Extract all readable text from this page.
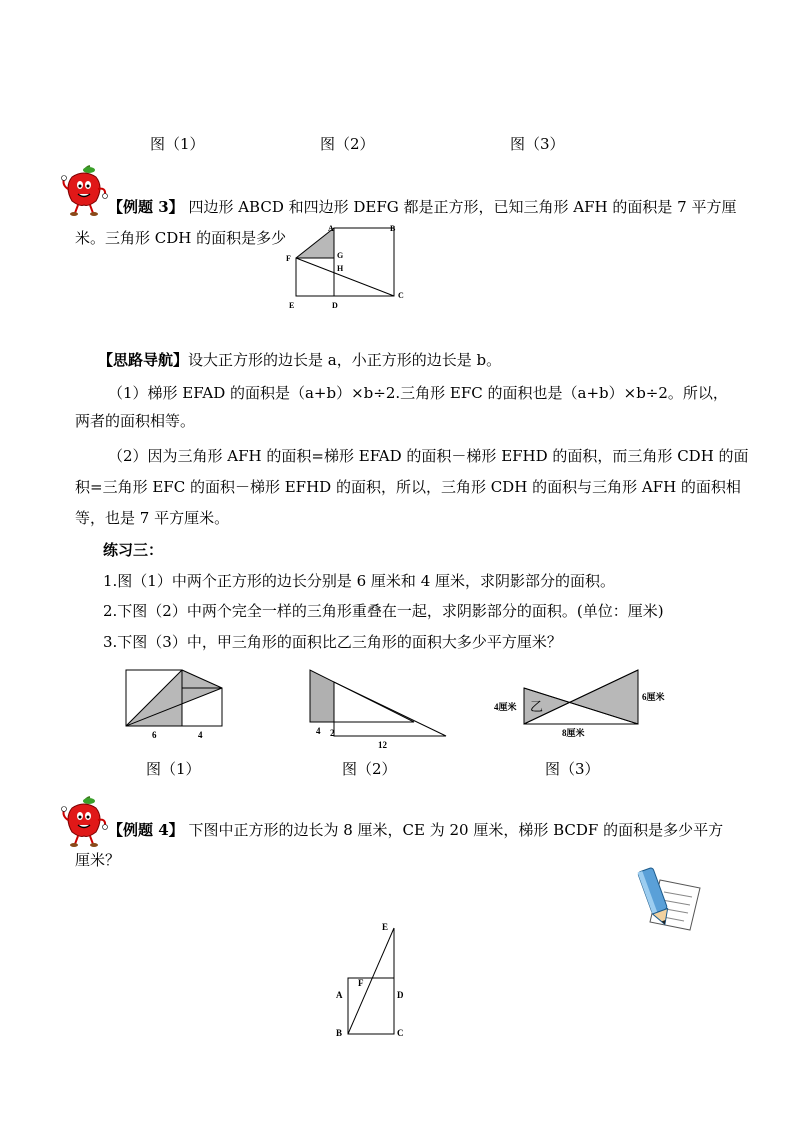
图（1）	图（2）	图（3）
【例题 3】 四边形 ABCD 和四边形 DEFG 都是正方形，已知三角形 AFH 的面积是 7 平方厘
米。三角形 CDH 的面积是多少
A	B
C
D
E
F	G
H
【思路导航】设大正方形的边长是 a，小正方形的边长是 b。
（1）梯形 EFAD 的面积是（a+b）×b÷2.三角形 EFC 的面积也是（a+b）×b÷2。所以，
两者的面积相等。
（2）因为三角形 AFH 的面积=梯形 EFAD 的面积－梯形 EFHD 的面积，而三角形 CDH 的面
积=三角形 EFC 的面积－梯形 EFHD 的面积，所以，三角形 CDH 的面积与三角形 AFH 的面积相
等，也是 7 平方厘米。
练习三：
1.图（1）中两个正方形的边长分别是 6 厘米和 4 厘米，求阴影部分的面积。
2.下图（2）中两个完全一样的三角形重叠在一起，求阴影部分的面积。(单位：厘米)
3.下图（3）中，甲三角形的面积比乙三角形的面积大多少平方厘米？
6	4	4 2
12
4厘米
6厘米
8厘米
乙
图（1）	图（2）	图（3）
【例题 4】 下图中正方形的边长为 8 厘米，CE 为 20 厘米，梯形 BCDF 的面积是多少平方
厘米？
E
F
A	D
B	C
